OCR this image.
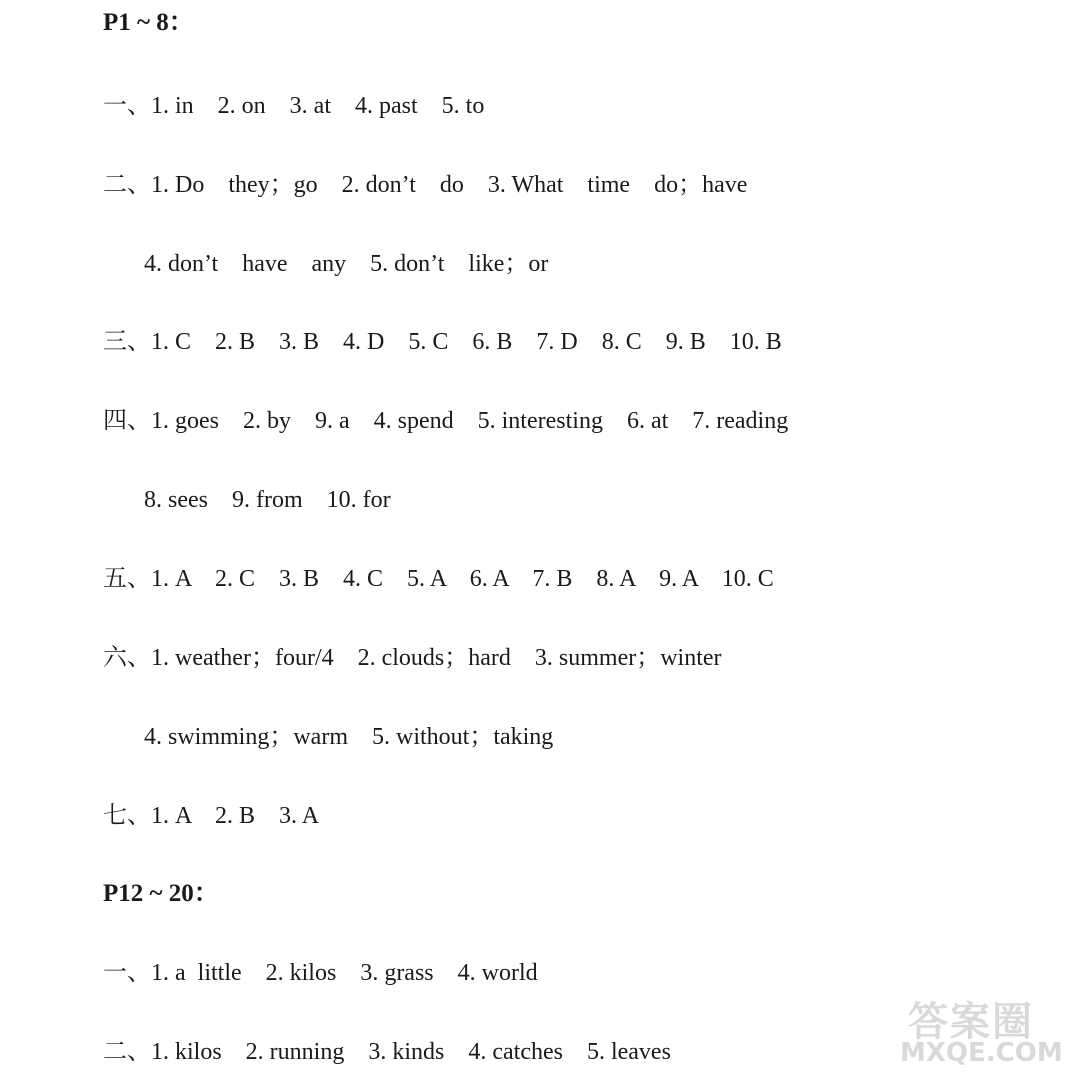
P1 ~ 8：
一、1. in    2. on    3. at    4. past    5. to
二、1. Do    they；go    2. don’t    do    3. What    time    do；have
4. don’t    have    any    5. don’t    like；or
三、1. C    2. B    3. B    4. D    5. C    6. B    7. D    8. C    9. B    10. B
四、1. goes    2. by    9. a    4. spend    5. interesting    6. at    7. reading
8. sees    9. from    10. for
五、1. A    2. C    3. B    4. C    5. A    6. A    7. B    8. A    9. A    10. C
六、1. weather；four/4    2. clouds；hard    3. summer；winter
4. swimming；warm    5. without；taking
七、1. A    2. B    3. A
P12 ~ 20：
一、1. a  little    2. kilos    3. grass    4. world
二、1. kilos    2. running    3. kinds    4. catches    5. leaves
答案圈
MXQE.COM
